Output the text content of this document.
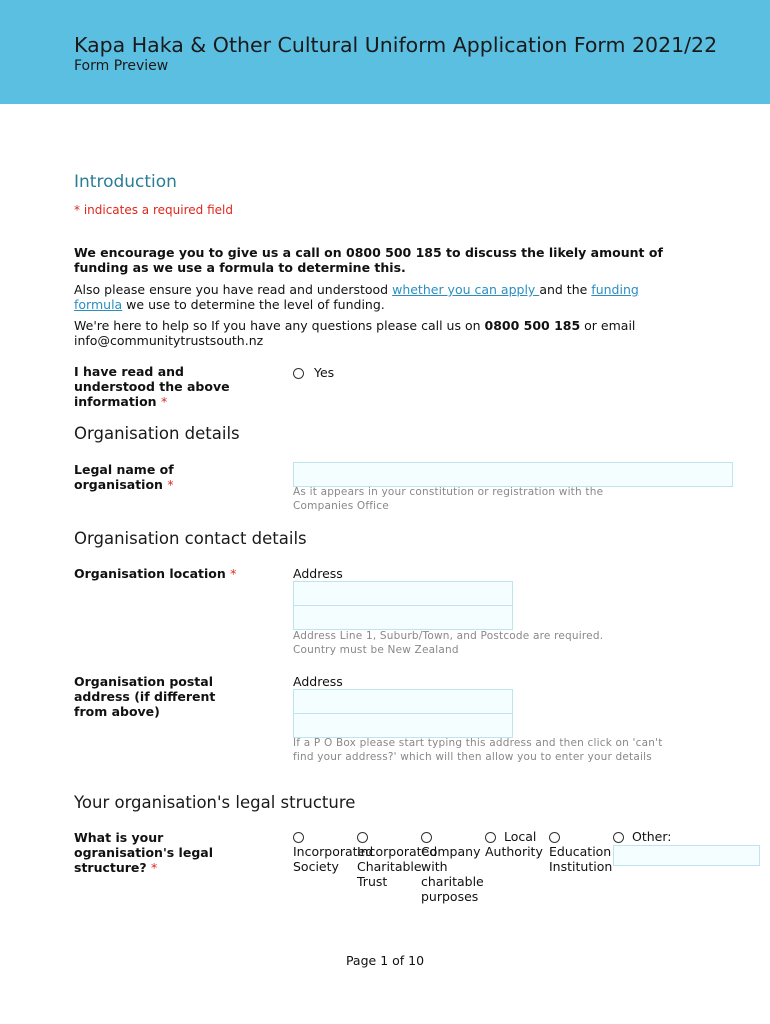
Kapa Haka & Other Cultural Uniform Application Form 2021/22
Form Preview
Introduction
* indicates a required field
We encourage you to give us a call on 0800 500 185 to discuss the likely amount of funding as we use a formula to determine this.
Also please ensure you have read and understood whether you can apply and the funding formula we use to determine the level of funding.
We're here to help so If you have any questions please call us on 0800 500 185 or email info@communitytrustsouth.nz
I have read and understood the above information *
Yes
Organisation details
Legal name of organisation *	As it appears in your constitution or registration with the Companies Office
Organisation contact details
Organisation location *	Address
Address Line 1, Suburb/Town, and Postcode are required. Country must be New Zealand
Organisation postal address (if different from above)
Address
If a P O Box please start typing this address and then click on 'can't find your address?' which will then allow you to enter your details
Your organisation's legal structure
What is your ogranisation's legal structure? *

Incorporated Society

Incorporated Charitable Trust

Company with charitable purposes
Local Authority Education Institution
Other:
Page 1 of 10
